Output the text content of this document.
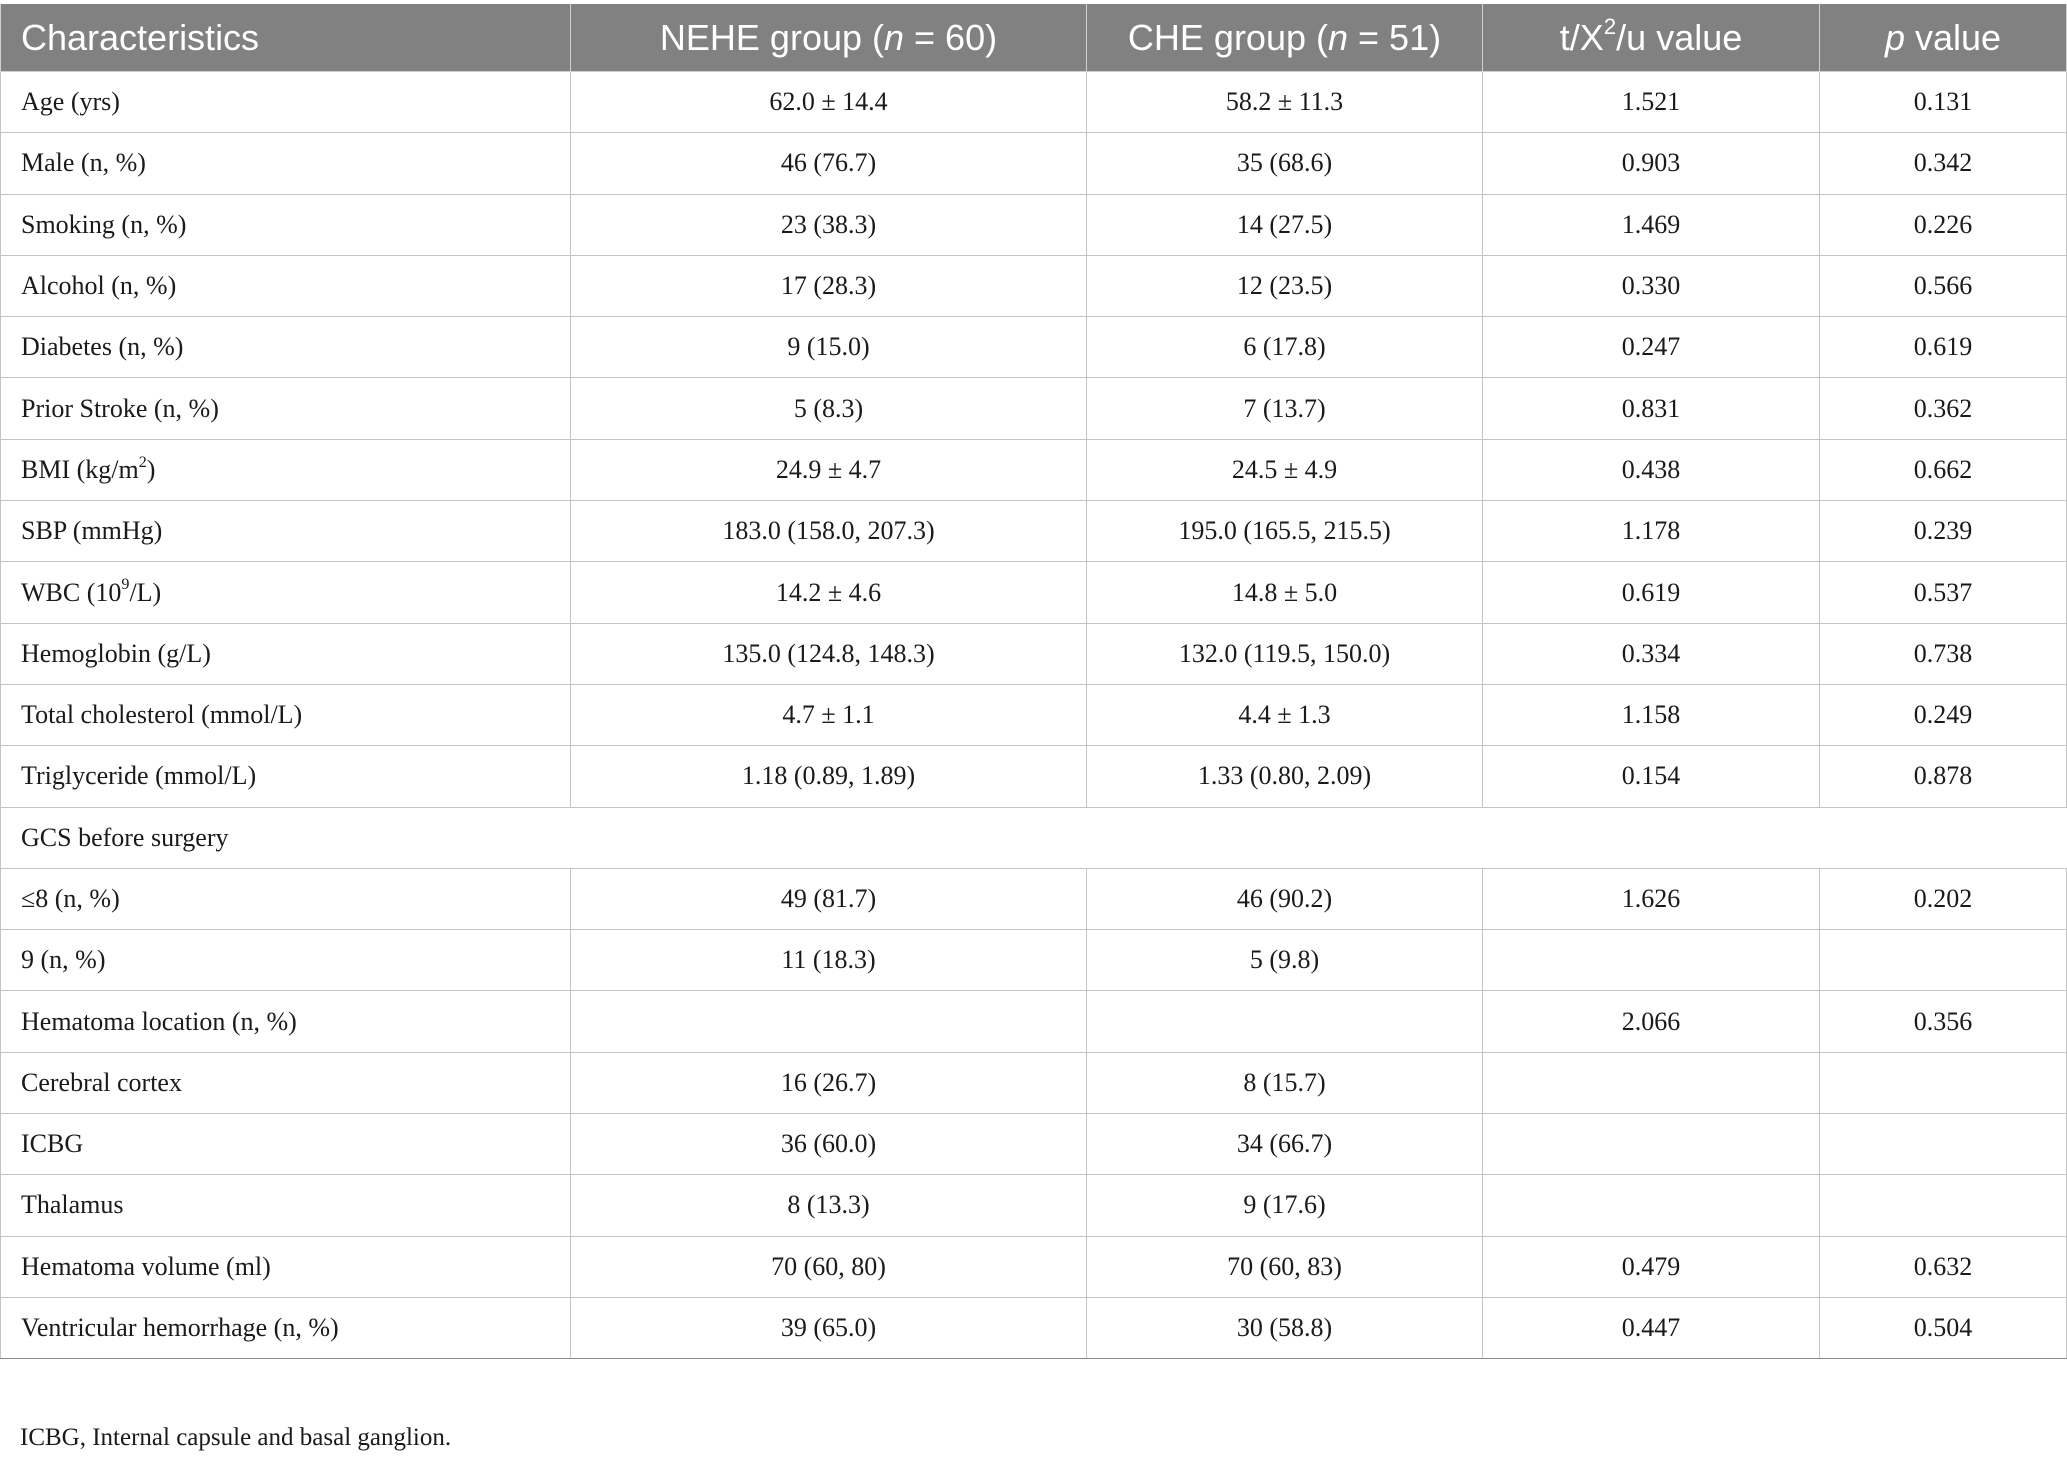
Characteristics	NEHE group (n = 60)	CHE group (n = 51)	$t/X^2/u$ value	p value
Age (yrs)	62.0 ± 14.4	58.2 ± 11.3	1.521	0.131
Male (n, %)	46 (76.7)	35 (68.6)	0.903	0.342
Smoking (n, %)	23 (38.3)	14 (27.5)	1.469	0.226
Alcohol (n, %)	17 (28.3)	12 (23.5)	0.330	0.566
Diabetes (n, %)	9 (15.0)	6 (17.8)	0.247	0.619
Prior Stroke (n, %)	5 (8.3)	7 (13.7)	0.831	0.362
BMI $(kg/m^2)$	24.9 ± 4.7	24.5 ± 4.9	0.438	0.662
SBP (mmHg)	183.0 (158.0, 207.3)	195.0 (165.5, 215.5)	1.178	0.239
WBC $(10^9/L)$	14.2 ± 4.6	14.8 ± 5.0	0.619	0.537
Hemoglobin (g/L)	135.0 (124.8, 148.3)	132.0 (119.5, 150.0)	0.334	0.738
Total cholesterol (mmol/L)	4.7 ± 1.1	4.4 ± 1.3	1.158	0.249
Triglyceride (mmol/L)	1.18 (0.89, 1.89)	1.33 (0.80, 2.09)	0.154	0.878
GCS before surgery				
≤8 (n, %)	49 (81.7)	46 (90.2)	1.626	0.202
9 (n, %)	11 (18.3)	5 (9.8)		
Hematoma location (n, %)			2.066	0.356
Cerebral cortex	16 (26.7)	8 (15.7)		
ICBG	36 (60.0)	34 (66.7)		
Thalamus	8 (13.3)	9 (17.6)		
Hematoma volume (ml)	70 (60, 80)	70 (60, 83)	0.479	0.632
Ventricular hemorrhage (n, %)	39 (65.0)	30 (58.8)	0.447	0.504
ICBG, Internal capsule and basal ganglion.
